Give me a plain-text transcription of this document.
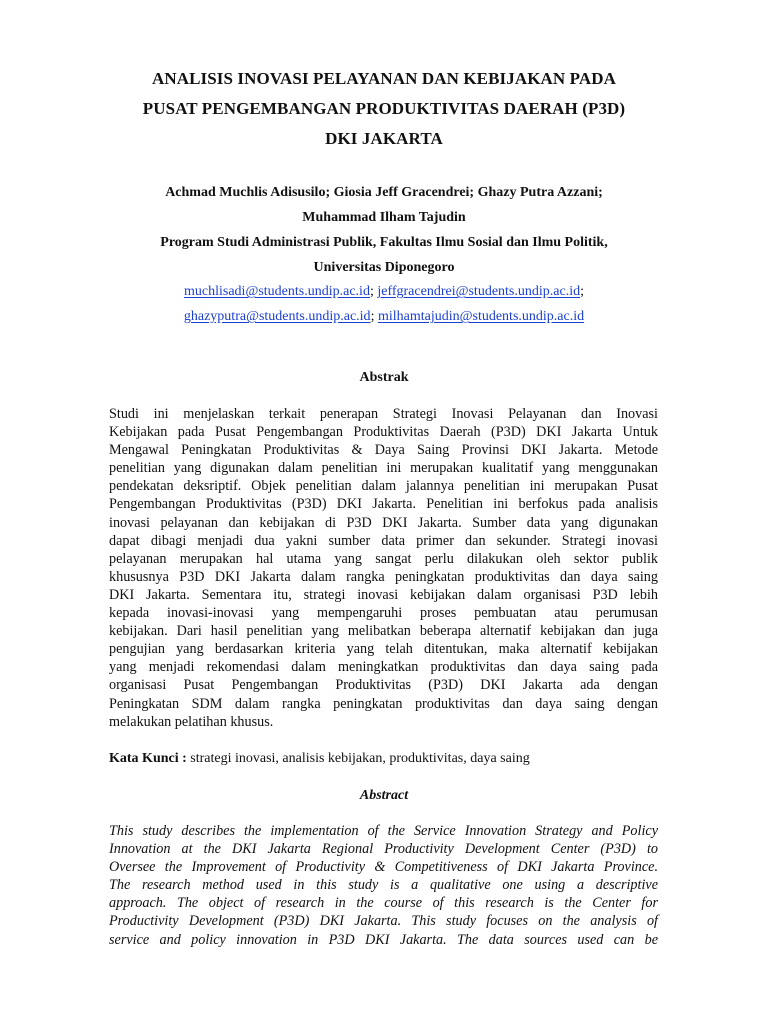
ANALISIS INOVASI PELAYANAN DAN KEBIJAKAN PADA
PUSAT PENGEMBANGAN PRODUKTIVITAS DAERAH (P3D)
DKI JAKARTA
Achmad Muchlis Adisusilo; Giosia Jeff Gracendrei; Ghazy Putra Azzani;
Muhammad Ilham Tajudin
Program Studi Administrasi Publik, Fakultas Ilmu Sosial dan Ilmu Politik,
Universitas Diponegoro
muchlisadi@students.undip.ac.id; jeffgracendrei@students.undip.ac.id;
ghazyputra@students.undip.ac.id; milhamtajudin@students.undip.ac.id
Abstrak
Studi ini menjelaskan terkait penerapan Strategi Inovasi Pelayanan dan Inovasi
Kebijakan pada Pusat Pengembangan Produktivitas Daerah (P3D) DKI Jakarta Untuk
Mengawal Peningkatan Produktivitas & Daya Saing Provinsi DKI Jakarta. Metode
penelitian yang digunakan dalam penelitian ini merupakan kualitatif yang menggunakan
pendekatan deksriptif. Objek penelitian dalam jalannya penelitian ini merupakan Pusat
Pengembangan Produktivitas (P3D) DKI Jakarta. Penelitian ini berfokus pada analisis
inovasi pelayanan dan kebijakan di P3D DKI Jakarta. Sumber data yang digunakan
dapat dibagi menjadi dua yakni sumber data primer dan sekunder. Strategi inovasi
pelayanan merupakan hal utama yang sangat perlu dilakukan oleh sektor publik
khususnya P3D DKI Jakarta dalam rangka peningkatan produktivitas dan daya saing
DKI Jakarta. Sementara itu, strategi inovasi kebijakan dalam organisasi P3D lebih
kepada inovasi-inovasi yang mempengaruhi proses pembuatan atau perumusan
kebijakan. Dari hasil penelitian yang melibatkan beberapa alternatif kebijakan dan juga
pengujian yang berdasarkan kriteria yang telah ditentukan, maka alternatif kebijakan
yang menjadi rekomendasi dalam meningkatkan produktivitas dan daya saing pada
organisasi Pusat Pengembangan Produktivitas (P3D) DKI Jakarta ada dengan
Peningkatan SDM dalam rangka peningkatan produktivitas dan daya saing dengan
melakukan pelatihan khusus.
Kata Kunci : strategi inovasi, analisis kebijakan, produktivitas, daya saing
Abstract
This study describes the implementation of the Service Innovation Strategy and Policy
Innovation at the DKI Jakarta Regional Productivity Development Center (P3D) to
Oversee the Improvement of Productivity & Competitiveness of DKI Jakarta Province.
The research method used in this study is a qualitative one using a descriptive
approach. The object of research in the course of this research is the Center for
Productivity Development (P3D) DKI Jakarta. This study focuses on the analysis of
service and policy innovation in P3D DKI Jakarta. The data sources used can be
